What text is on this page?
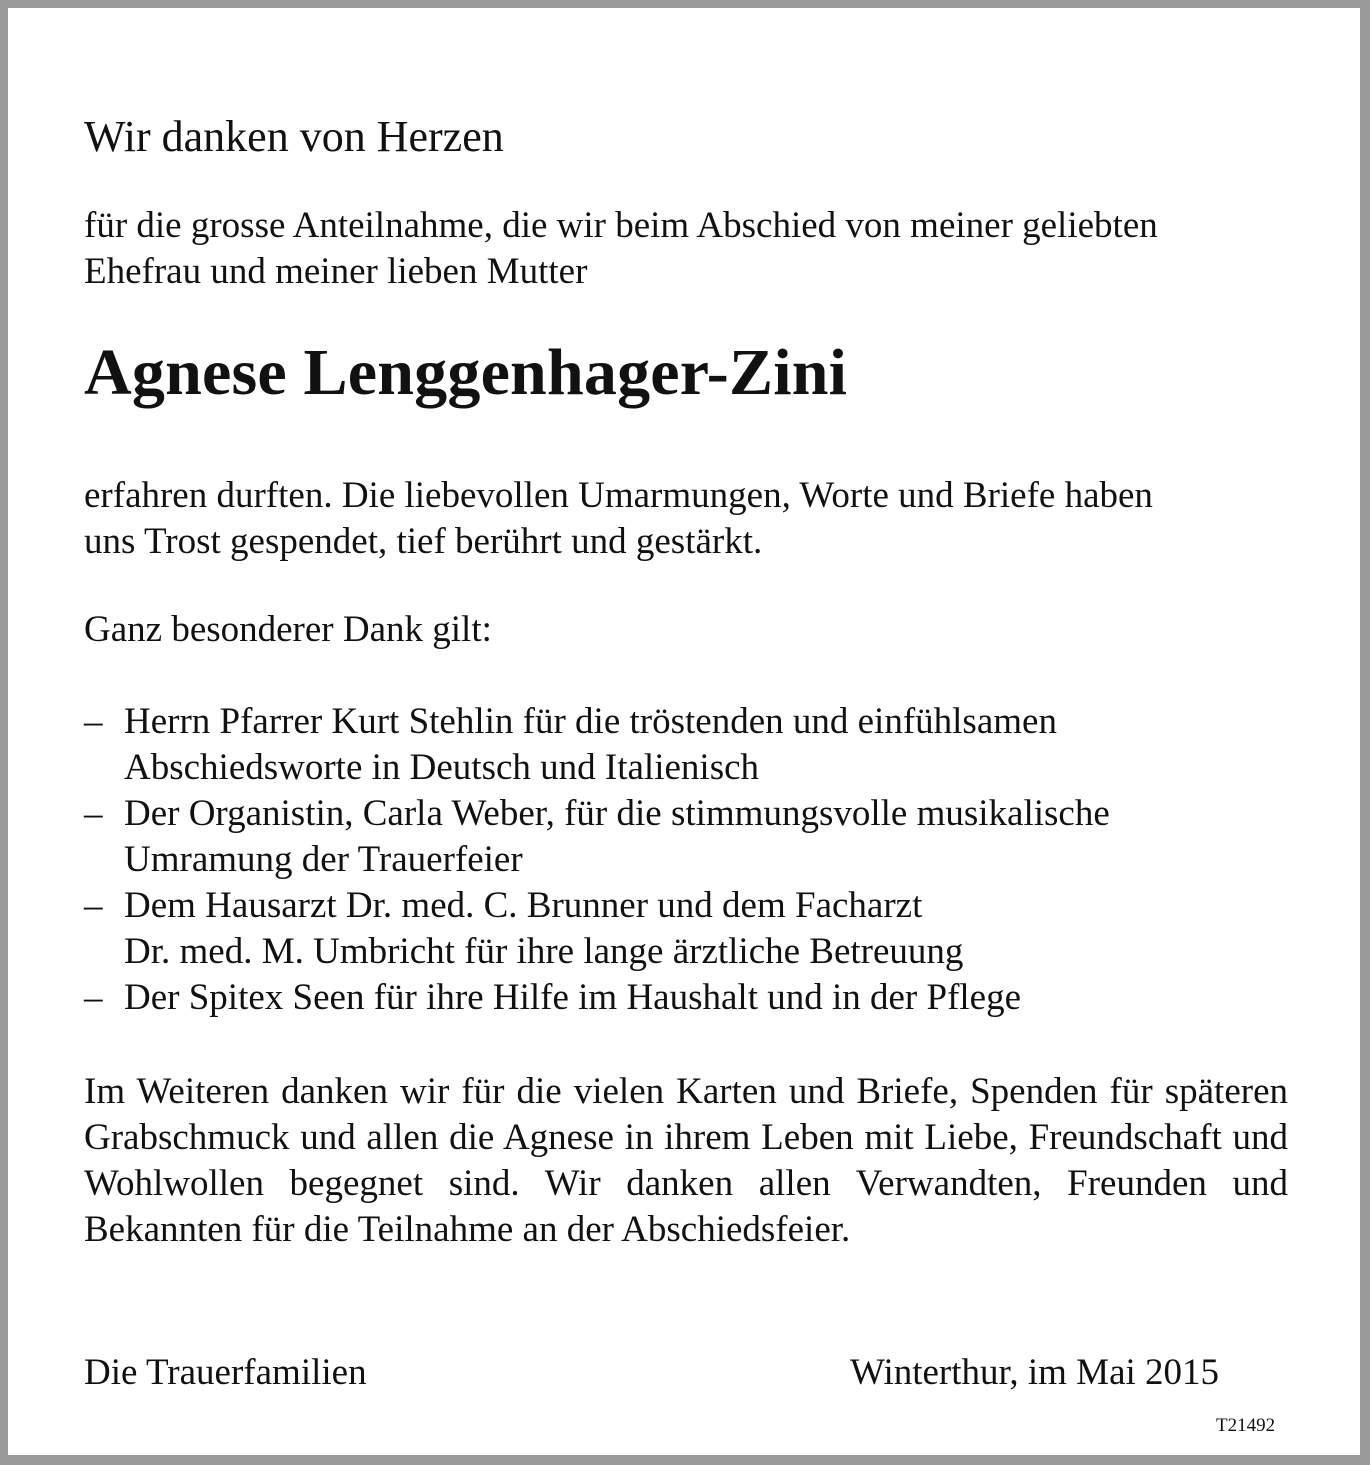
Wir danken von Herzen
für die grosse Anteilnahme, die wir beim Abschied von meiner geliebten
Ehefrau und meiner lieben Mutter
Agnese Lenggenhager-Zini
erfahren durften. Die liebevollen Umarmungen, Worte und Briefe haben
uns Trost gespendet, tief berührt und gestärkt.
Ganz besonderer Dank gilt:
– Herrn Pfarrer Kurt Stehlin für die tröstenden und einfühlsamen
Abschiedsworte in Deutsch und Italienisch
– Der Organistin, Carla Weber, für die stimmungsvolle musikalische
Umramung der Trauerfeier
– Dem Hausarzt Dr. med. C. Brunner und dem Facharzt
Dr. med. M. Umbricht für ihre lange ärztliche Betreuung
– Der Spitex Seen für ihre Hilfe im Haushalt und in der Pflege
Im Weiteren danken wir für die vielen Karten und Briefe, Spenden für späteren Grabschmuck und allen die Agnese in ihrem Leben mit Liebe, Freundschaft und Wohlwollen begegnet sind. Wir danken allen Verwandten, Freunden und Bekannten für die Teilnahme an der Abschiedsfeier.
Die Trauerfamilien	Winterthur, im Mai 2015
T21492
